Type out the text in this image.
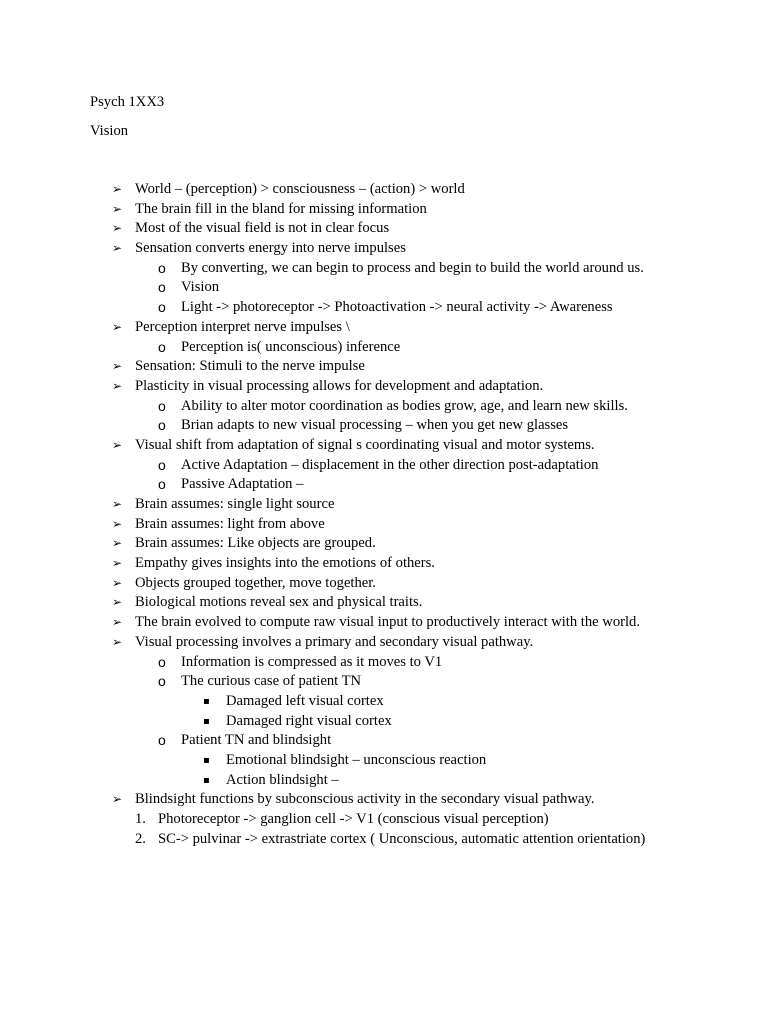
Psych 1XX3
Vision
➢ World – (perception) > consciousness – (action) > world
➢ The brain fill in the bland for missing information
➢ Most of the visual field is not in clear focus
➢ Sensation converts energy into nerve impulses
o By converting, we can begin to process and begin to build the world around us.
o Vision
o Light -> photoreceptor -> Photoactivation -> neural activity -> Awareness
➢ Perception interpret nerve impulses \
o Perception is( unconscious) inference
➢ Sensation: Stimuli to the nerve impulse
➢ Plasticity in visual processing allows for development and adaptation.
o Ability to alter motor coordination as bodies grow, age, and learn new skills.
o Brian adapts to new visual processing – when you get new glasses
➢ Visual shift from adaptation of signal s coordinating visual and motor systems.
o Active Adaptation – displacement in the other direction post-adaptation
o Passive Adaptation –
➢ Brain assumes: single light source
➢ Brain assumes: light from above
➢ Brain assumes: Like objects are grouped.
➢ Empathy gives insights into the emotions of others.
➢ Objects grouped together, move together.
➢ Biological motions reveal sex and physical traits.
➢ The brain evolved to compute raw visual input to productively interact with the world.
➢ Visual processing involves a primary and secondary visual pathway.
o Information is compressed as it moves to V1
o The curious case of patient TN
▪ Damaged left visual cortex
▪ Damaged right visual cortex
o Patient TN and blindsight
▪ Emotional blindsight – unconscious reaction
▪ Action blindsight –
➢ Blindsight functions by subconscious activity in the secondary visual pathway.
1. Photoreceptor -> ganglion cell -> V1 (conscious visual perception)
2. SC-> pulvinar -> extrastriate cortex ( Unconscious, automatic attention orientation)
